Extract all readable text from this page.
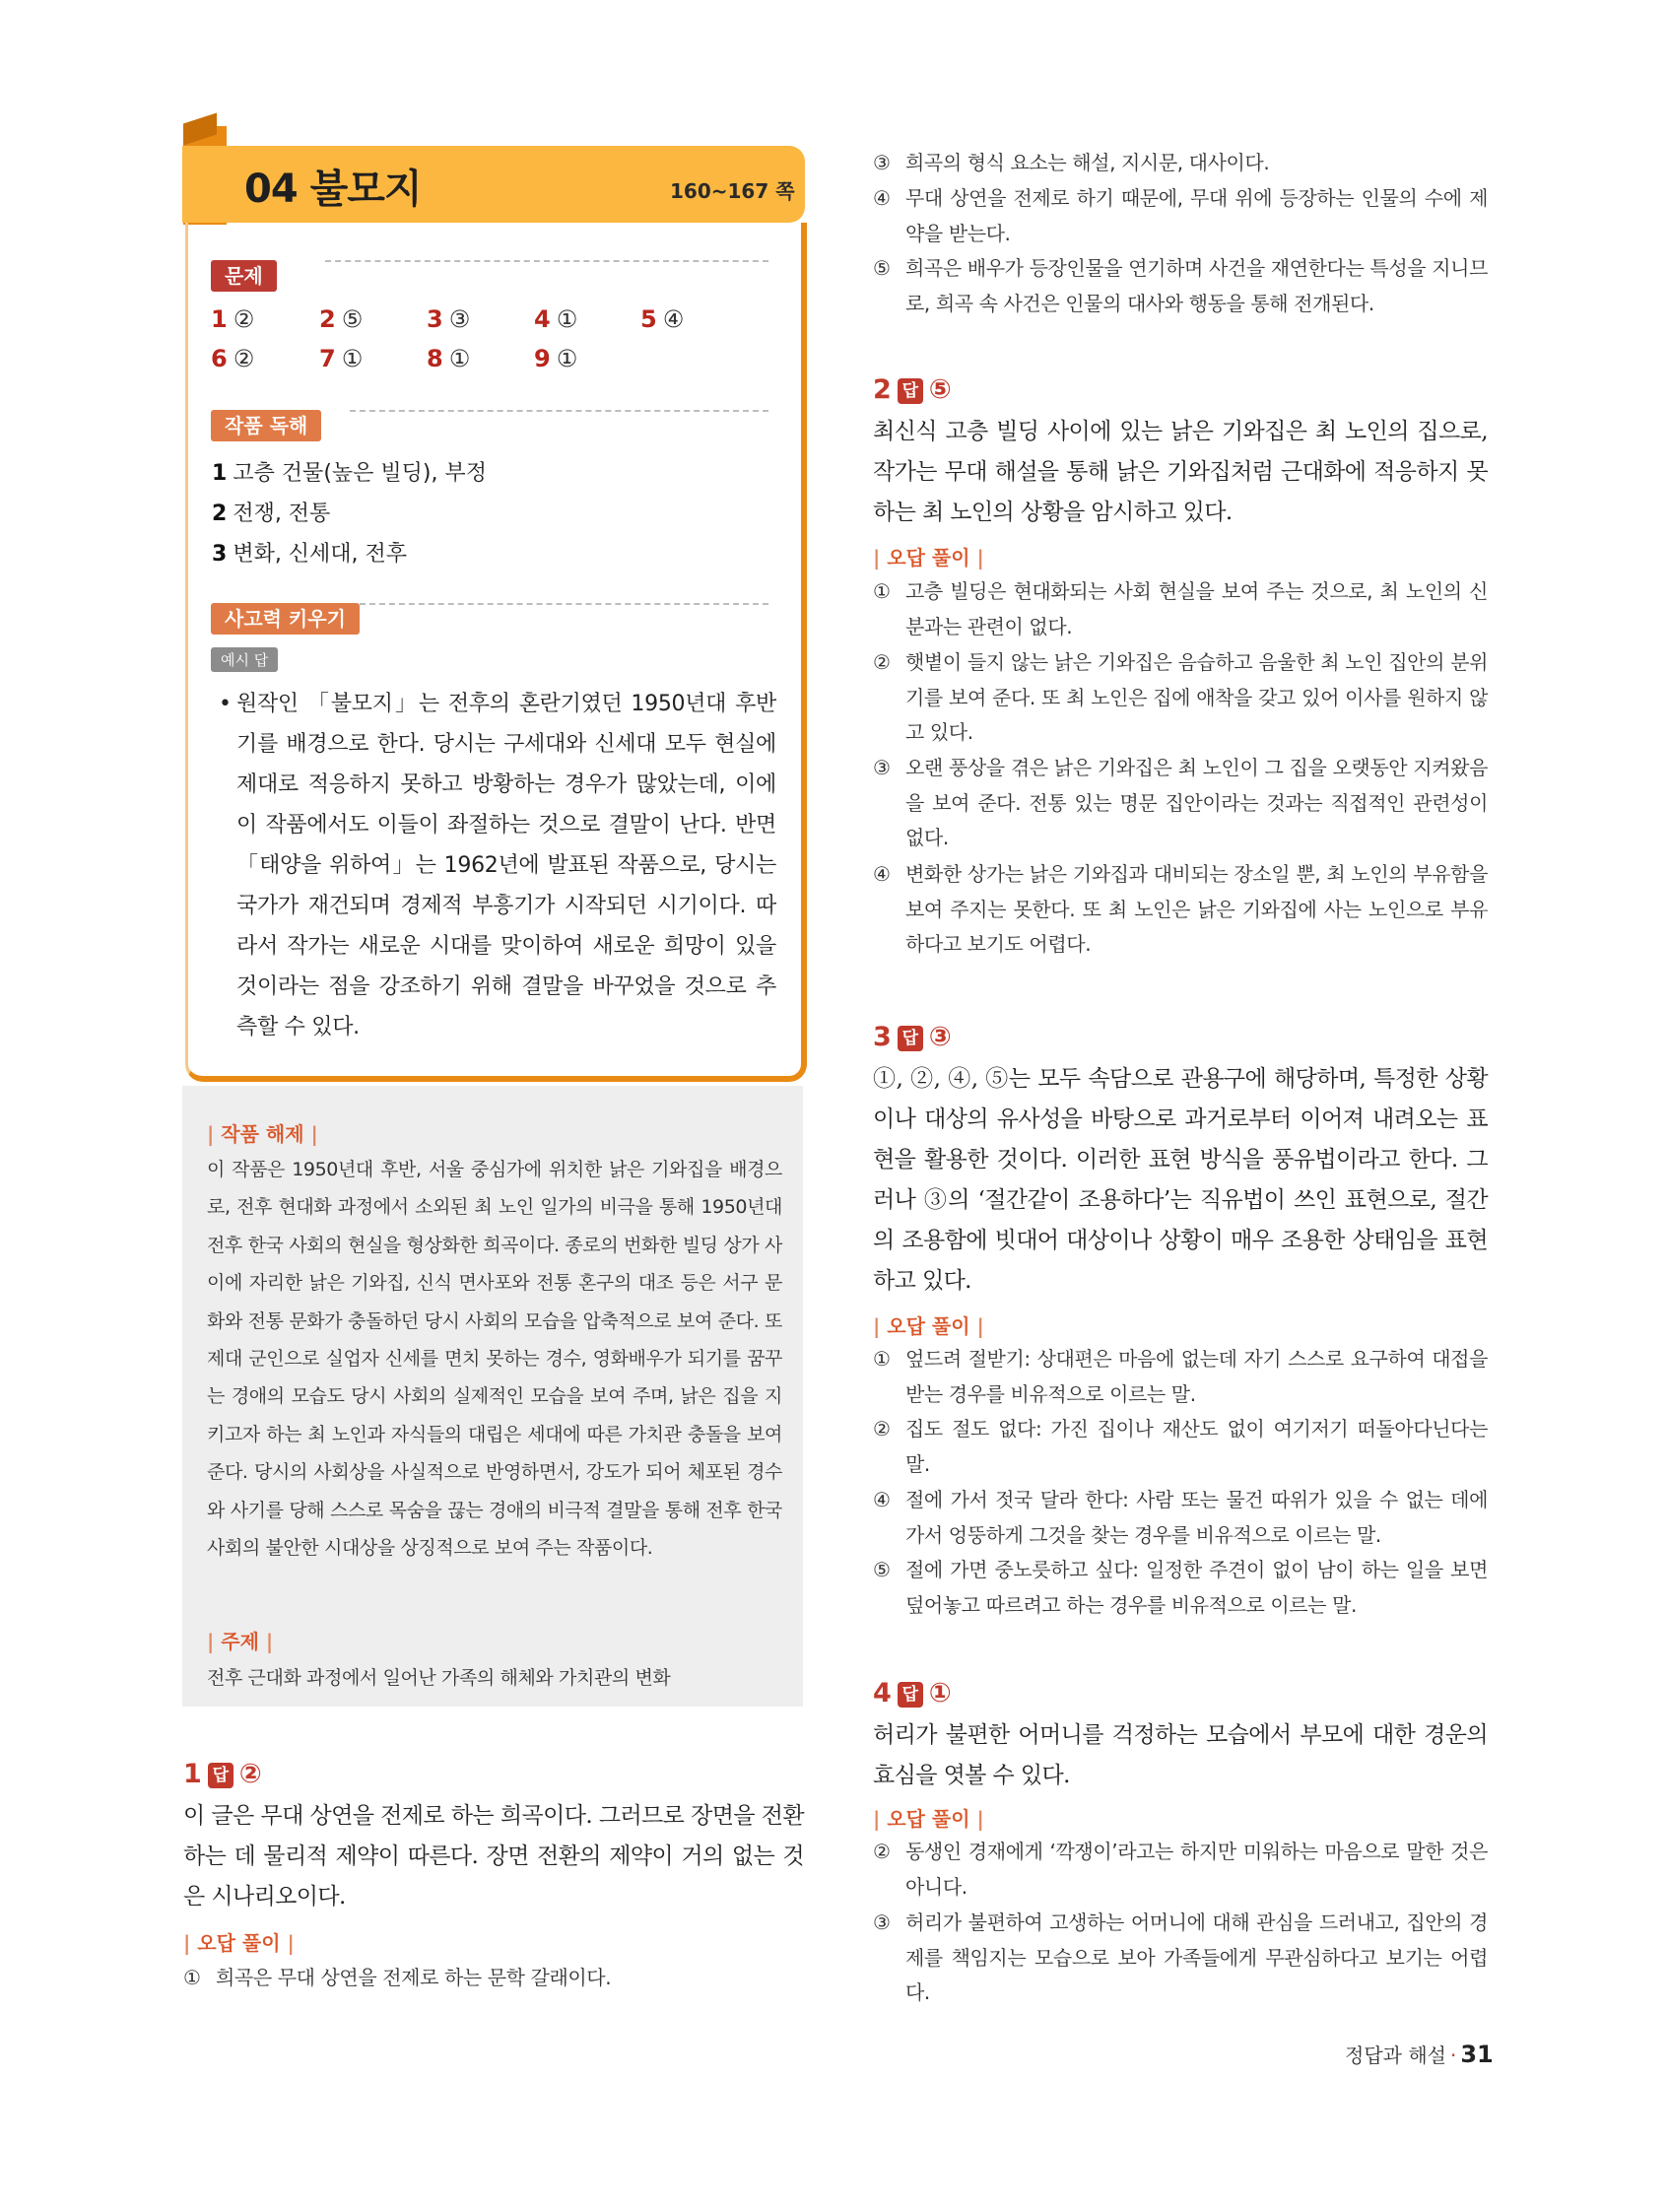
04 불모지	160~167 쪽
문제
1 ②	2 ⑤	3 ③	4 ①	5 ④
6 ②	7 ①	8 ①	9 ①
작품 독해
1 고층 건물(높은 빌딩), 부정
2 전쟁, 전통
3 변화, 신세대, 전후
사고력 키우기
예시 답
• 원작인 「불모지」는 전후의 혼란기였던 1950년대 후반기를 배경으로 한다. 당시는 구세대와 신세대 모두 현실에 제대로 적응하지 못하고 방황하는 경우가 많았는데, 이에 이 작품에서도 이들이 좌절하는 것으로 결말이 난다. 반면 「태양을 위하여」는 1962년에 발표된 작품으로, 당시는 국가가 재건되며 경제적 부흥기가 시작되던 시기이다. 따라서 작가는 새로운 시대를 맞이하여 새로운 희망이 있을 것이라는 점을 강조하기 위해 결말을 바꾸었을 것으로 추측할 수 있다.
| 작품 해제 |
이 작품은 1950년대 후반, 서울 중심가에 위치한 낡은 기와집을 배경으로, 전후 현대화 과정에서 소외된 최 노인 일가의 비극을 통해 1950년대 전후 한국 사회의 현실을 형상화한 희곡이다. 종로의 번화한 빌딩 상가 사이에 자리한 낡은 기와집, 신식 면사포와 전통 혼구의 대조 등은 서구 문화와 전통 문화가 충돌하던 당시 사회의 모습을 압축적으로 보여 준다. 또 제대 군인으로 실업자 신세를 면치 못하는 경수, 영화배우가 되기를 꿈꾸는 경애의 모습도 당시 사회의 실제적인 모습을 보여 주며, 낡은 집을 지키고자 하는 최 노인과 자식들의 대립은 세대에 따른 가치관 충돌을 보여 준다. 당시의 사회상을 사실적으로 반영하면서, 강도가 되어 체포된 경수와 사기를 당해 스스로 목숨을 끊는 경애의 비극적 결말을 통해 전후 한국 사회의 불안한 시대상을 상징적으로 보여 주는 작품이다.
| 주제 |
전후 근대화 과정에서 일어난 가족의 해체와 가치관의 변화
1 답 ②
이 글은 무대 상연을 전제로 하는 희곡이다. 그러므로 장면을 전환하는 데 물리적 제약이 따른다. 장면 전환의 제약이 거의 없는 것은 시나리오이다.
| 오답 풀이 |
① 희곡은 무대 상연을 전제로 하는 문학 갈래이다.
③ 희곡의 형식 요소는 해설, 지시문, 대사이다.
④ 무대 상연을 전제로 하기 때문에, 무대 위에 등장하는 인물의 수에 제약을 받는다.
⑤ 희곡은 배우가 등장인물을 연기하며 사건을 재연한다는 특성을 지니므로, 희곡 속 사건은 인물의 대사와 행동을 통해 전개된다.
2 답 ⑤
최신식 고층 빌딩 사이에 있는 낡은 기와집은 최 노인의 집으로, 작가는 무대 해설을 통해 낡은 기와집처럼 근대화에 적응하지 못하는 최 노인의 상황을 암시하고 있다.
| 오답 풀이 |
① 고층 빌딩은 현대화되는 사회 현실을 보여 주는 것으로, 최 노인의 신분과는 관련이 없다.
② 햇볕이 들지 않는 낡은 기와집은 음습하고 음울한 최 노인 집안의 분위기를 보여 준다. 또 최 노인은 집에 애착을 갖고 있어 이사를 원하지 않고 있다.
③ 오랜 풍상을 겪은 낡은 기와집은 최 노인이 그 집을 오랫동안 지켜왔음을 보여 준다. 전통 있는 명문 집안이라는 것과는 직접적인 관련성이 없다.
④ 변화한 상가는 낡은 기와집과 대비되는 장소일 뿐, 최 노인의 부유함을 보여 주지는 못한다. 또 최 노인은 낡은 기와집에 사는 노인으로 부유하다고 보기도 어렵다.
3 답 ③
①, ②, ④, ⑤는 모두 속담으로 관용구에 해당하며, 특정한 상황이나 대상의 유사성을 바탕으로 과거로부터 이어져 내려오는 표현을 활용한 것이다. 이러한 표현 방식을 풍유법이라고 한다. 그러나 ③의 ‘절간같이 조용하다’는 직유법이 쓰인 표현으로, 절간의 조용함에 빗대어 대상이나 상황이 매우 조용한 상태임을 표현하고 있다.
| 오답 풀이 |
① 엎드려 절받기: 상대편은 마음에 없는데 자기 스스로 요구하여 대접을 받는 경우를 비유적으로 이르는 말.
② 집도 절도 없다: 가진 집이나 재산도 없이 여기저기 떠돌아다닌다는 말.
④ 절에 가서 젓국 달라 한다: 사람 또는 물건 따위가 있을 수 없는 데에 가서 엉뚱하게 그것을 찾는 경우를 비유적으로 이르는 말.
⑤ 절에 가면 중노릇하고 싶다: 일정한 주견이 없이 남이 하는 일을 보면 덮어놓고 따르려고 하는 경우를 비유적으로 이르는 말.
4 답 ①
허리가 불편한 어머니를 걱정하는 모습에서 부모에 대한 경운의 효심을 엿볼 수 있다.
| 오답 풀이 |
② 동생인 경재에게 ‘깍쟁이’라고는 하지만 미워하는 마음으로 말한 것은 아니다.
③ 허리가 불편하여 고생하는 어머니에 대해 관심을 드러내고, 집안의 경제를 책임지는 모습으로 보아 가족들에게 무관심하다고 보기는 어렵다.
정답과 해설 · 31
